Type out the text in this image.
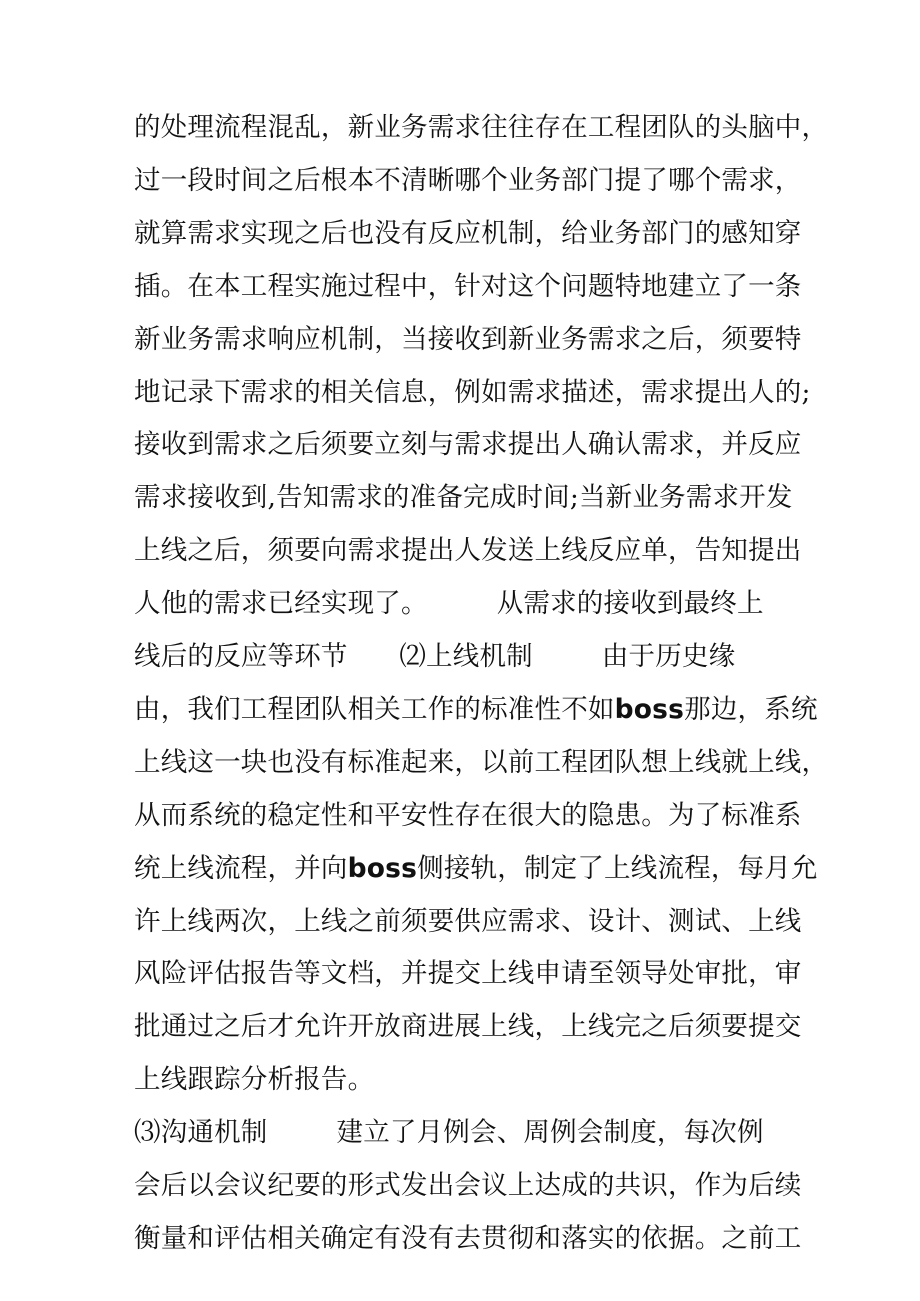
的处理流程混乱，新业务需求往往存在工程团队的头脑中，
过一段时间之后根本不清晰哪个业务部门提了哪个需求，
就算需求实现之后也没有反应机制，给业务部门的感知穿
插。在本工程实施过程中，针对这个问题特地建立了一条
新业务需求响应机制，当接收到新业务需求之后，须要特
地记录下需求的相关信息，例如需求描述，需求提出人的;
接收到需求之后须要立刻与需求提出人确认需求，并反应
需求接收到,告知需求的准备完成时间;当新业务需求开发
上线之后，须要向需求提出人发送上线反应单，告知提出
人他的需求已经实现了。        从需求的接收到最终上
线后的反应等环节      ⑵上线机制        由于历史缘
由，我们工程团队相关工作的标准性不如boss那边，系统
上线这一块也没有标准起来，以前工程团队想上线就上线，
从而系统的稳定性和平安性存在很大的隐患。为了标准系
统上线流程，并向boss侧接轨，制定了上线流程，每月允
许上线两次，上线之前须要供应需求、设计、测试、上线
风险评估报告等文档，并提交上线申请至领导处审批，审
批通过之后才允许开放商进展上线，上线完之后须要提交
上线跟踪分析报告。
⑶沟通机制        建立了月例会、周例会制度，每次例
会后以会议纪要的形式发出会议上达成的共识，作为后续
衡量和评估相关确定有没有去贯彻和落实的依据。之前工
